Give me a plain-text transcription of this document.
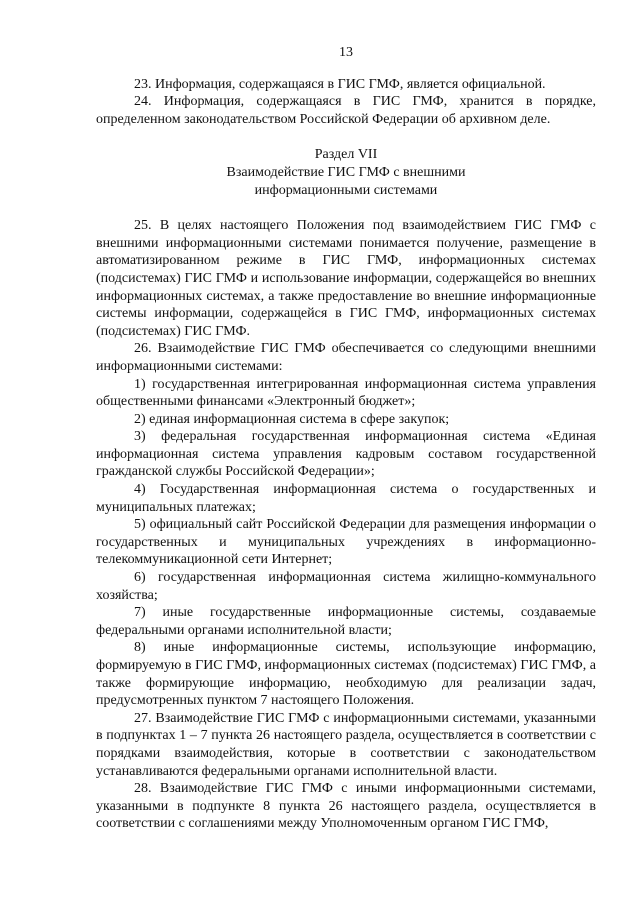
13

23. Информация, содержащаяся в ГИС ГМФ, является официальной.

24. Информация, содержащаяся в ГИС ГМФ, хранится в порядке, определенном законодательством Российской Федерации об архивном деле.

Раздел VII
Взаимодействие ГИС ГМФ с внешними
информационными системами

25. В целях настоящего Положения под взаимодействием ГИС ГМФ с внешними информационными системами понимается получение, размещение в автоматизированном режиме в ГИС ГМФ, информационных системах (подсистемах) ГИС ГМФ и использование информации, содержащейся во внешних информационных системах, а также предоставление во внешние информационные системы информации, содержащейся в ГИС ГМФ, информационных системах (подсистемах) ГИС ГМФ.

26. Взаимодействие ГИС ГМФ обеспечивается со следующими внешними информационными системами:

1) государственная интегрированная информационная система управления общественными финансами «Электронный бюджет»;

2) единая информационная система в сфере закупок;

3) федеральная государственная информационная система «Единая информационная система управления кадровым составом государственной гражданской службы Российской Федерации»;

4) Государственная информационная система о государственных и муниципальных платежах;

5) официальный сайт Российской Федерации для размещения информации о государственных и муниципальных учреждениях в информационно-телекоммуникационной сети Интернет;

6) государственная информационная система жилищно-коммунального хозяйства;

7) иные государственные информационные системы, создаваемые федеральными органами исполнительной власти;

8) иные информационные системы, использующие информацию, формируемую в ГИС ГМФ, информационных системах (подсистемах) ГИС ГМФ, а также формирующие информацию, необходимую для реализации задач, предусмотренных пунктом 7 настоящего Положения.

27. Взаимодействие ГИС ГМФ с информационными системами, указанными в подпунктах 1 – 7 пункта 26 настоящего раздела, осуществляется в соответствии с порядками взаимодействия, которые в соответствии с законодательством устанавливаются федеральными органами исполнительной власти.

28. Взаимодействие ГИС ГМФ с иными информационными системами, указанными в подпункте 8 пункта 26 настоящего раздела, осуществляется в соответствии с соглашениями между Уполномоченным органом ГИС ГМФ,
